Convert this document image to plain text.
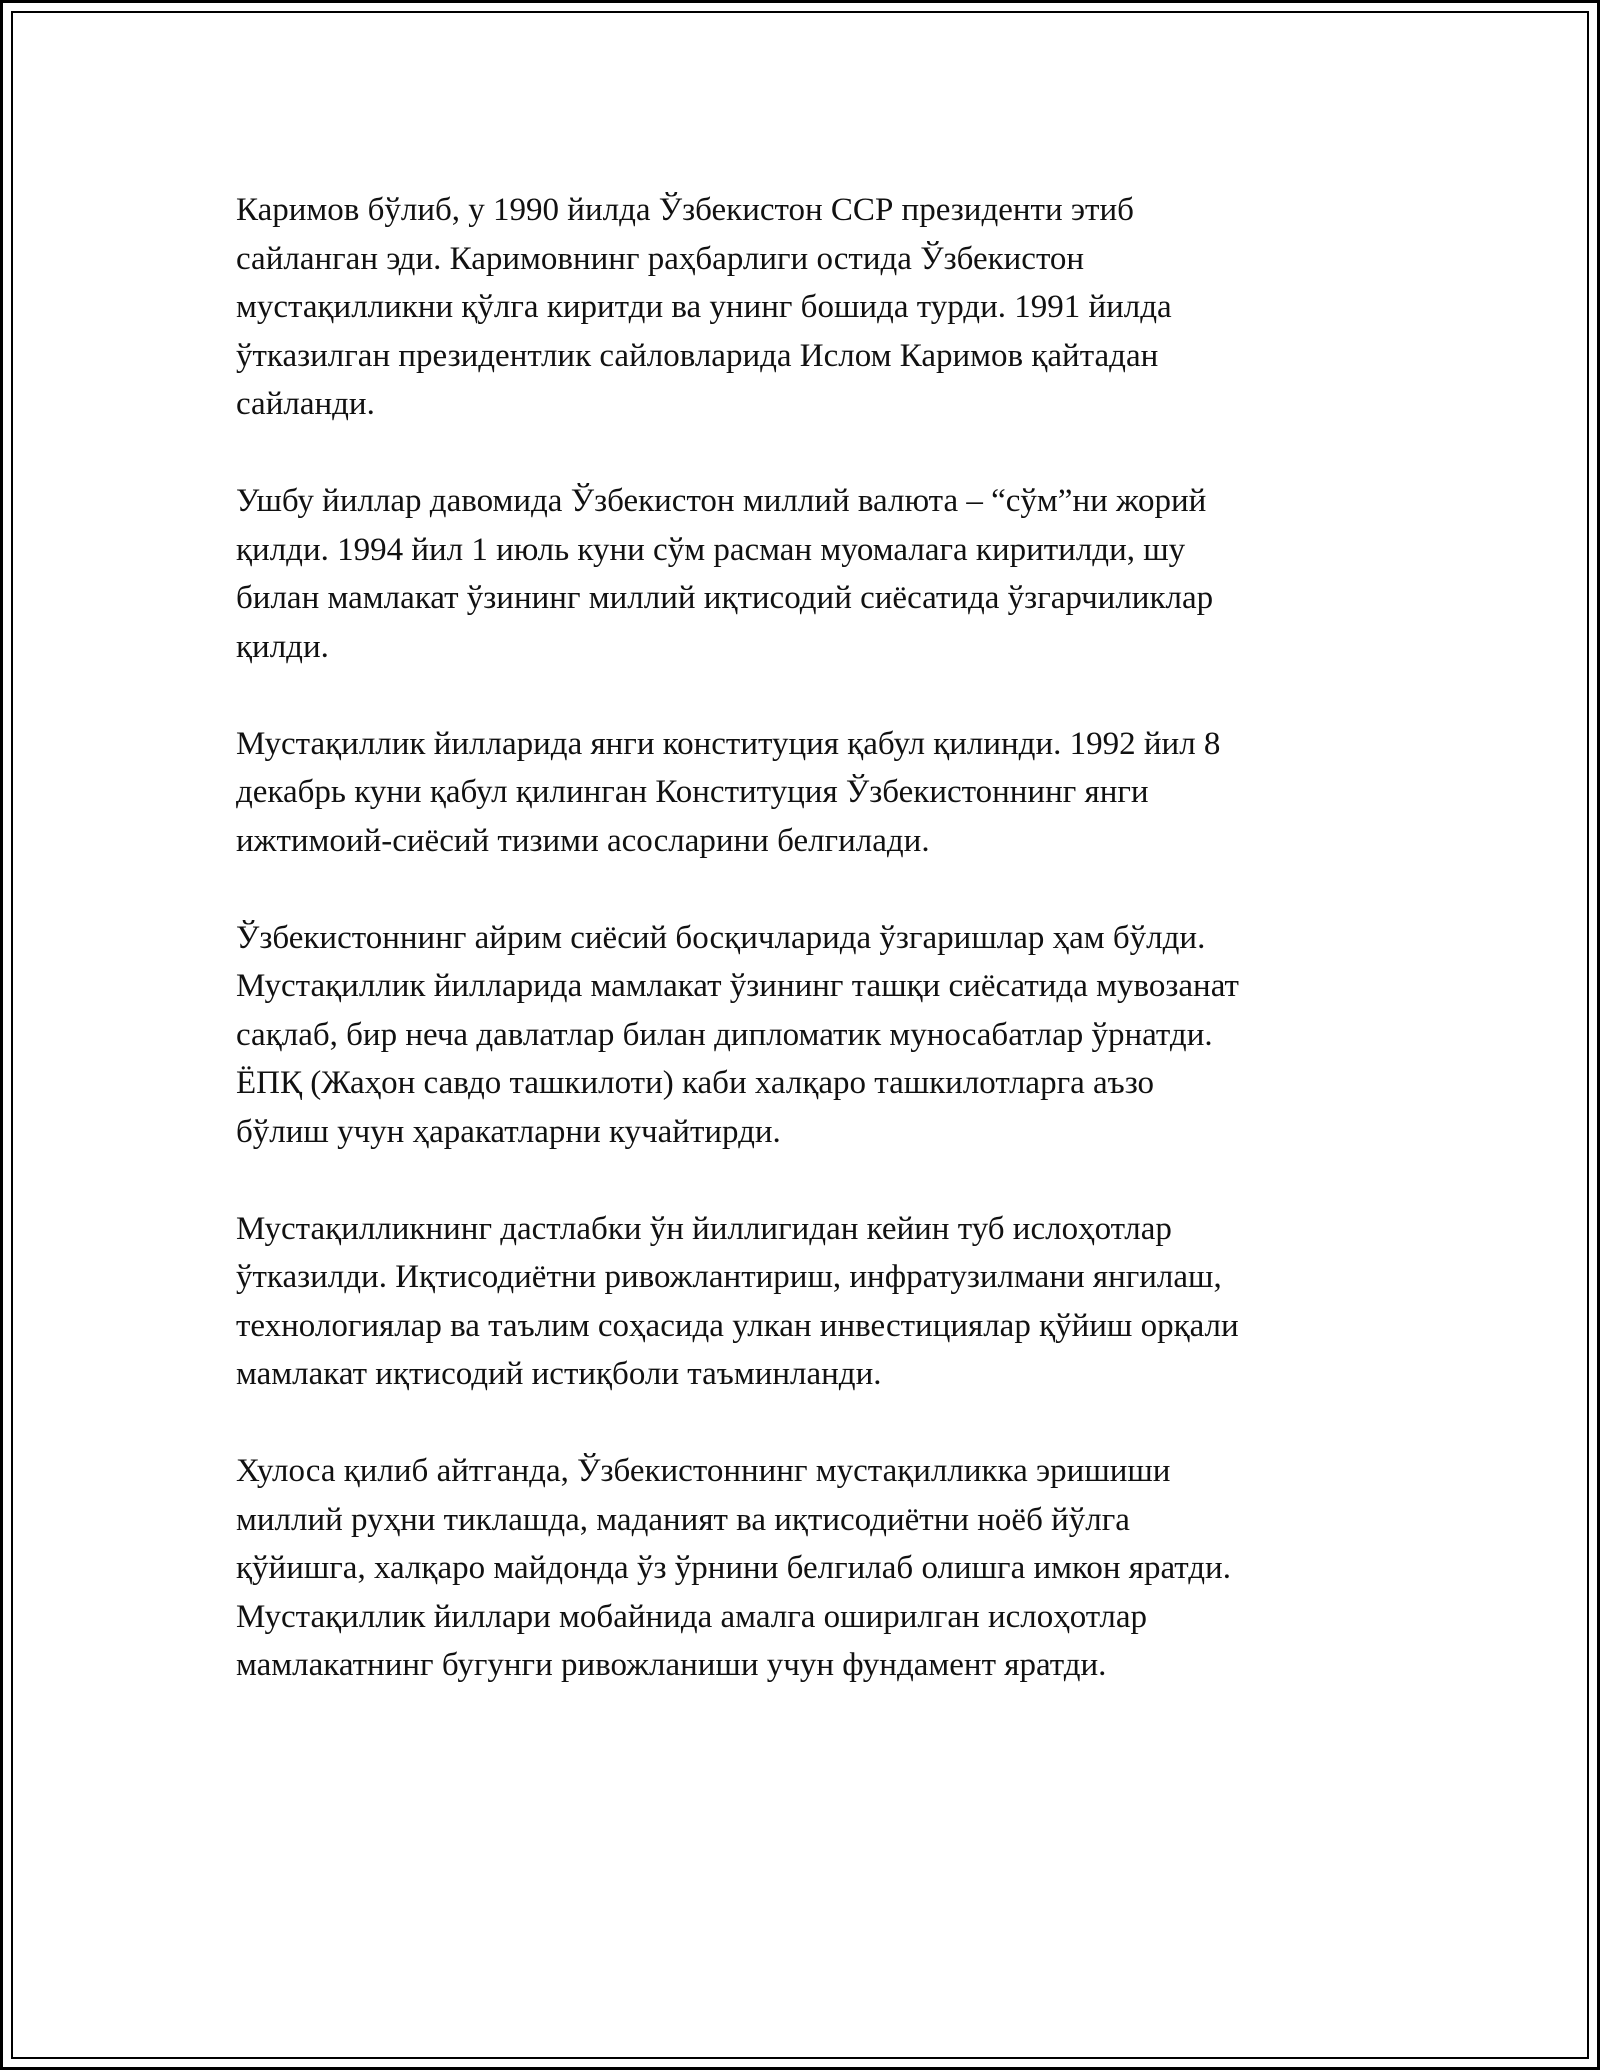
Каримов бўлиб, у 1990 йилда Ўзбекистон ССР президенти этиб
сайланган эди. Каримовнинг раҳбарлиги остида Ўзбекистон
мустақилликни қўлга киритди ва унинг бошида турди. 1991 йилда
ўтказилган президентлик сайловларида Ислом Каримов қайтадан
сайланди.

Ушбу йиллар давомида Ўзбекистон миллий валюта – “сўм”ни жорий
қилди. 1994 йил 1 июль куни сўм расман муомалага киритилди, шу
билан мамлакат ўзининг миллий иқтисодий сиёсатида ўзгарчиликлар
қилди.

Мустақиллик йилларида янги конституция қабул қилинди. 1992 йил 8
декабрь куни қабул қилинган Конституция Ўзбекистоннинг янги
ижтимоий-сиёсий тизими асосларини белгилади.

Ўзбекистоннинг айрим сиёсий босқичларида ўзгаришлар ҳам бўлди.
Мустақиллик йилларида мамлакат ўзининг ташқи сиёсатида мувозанат
сақлаб, бир неча давлатлар билан дипломатик муносабатлар ўрнатди.
ЁПҚ (Жаҳон савдо ташкилоти) каби халқаро ташкилотларга аъзо
бўлиш учун ҳаракатларни кучайтирди.

Мустақилликнинг дастлабки ўн йиллигидан кейин туб ислоҳотлар
ўтказилди. Иқтисодиётни ривожлантириш, инфратузилмани янгилаш,
технологиялар ва таълим соҳасида улкан инвестициялар қўйиш орқали
мамлакат иқтисодий истиқболи таъминланди.

Хулоса қилиб айтганда, Ўзбекистоннинг мустақилликка эришиши
миллий руҳни тиклашда, маданият ва иқтисодиётни ноёб йўлга
қўйишга, халқаро майдонда ўз ўрнини белгилаб олишга имкон яратди.
Мустақиллик йиллари мобайнида амалга оширилган ислоҳотлар
мамлакатнинг бугунги ривожланиши учун фундамент яратди.
